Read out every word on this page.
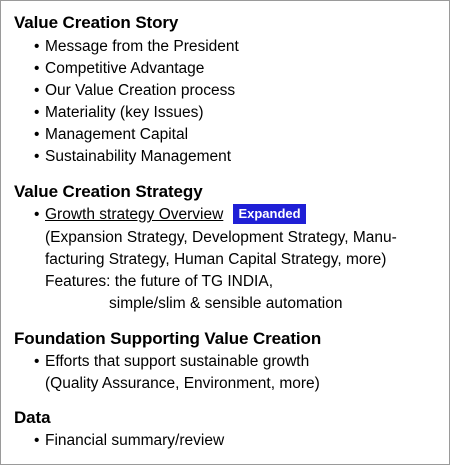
Value Creation Story
• Message from the President
• Competitive Advantage
• Our Value Creation process
• Materiality (key Issues)
• Management Capital
• Sustainability Management
Value Creation Strategy
• Growth strategy Overview	Expanded
(Expansion Strategy, Development Strategy, Manu-
facturing Strategy, Human Capital Strategy, more)
Features: the future of TG INDIA,
simple/slim & sensible automation
Foundation Supporting Value Creation
• Efforts that support sustainable growth
(Quality Assurance, Environment, more)
Data
• Financial summary/review
